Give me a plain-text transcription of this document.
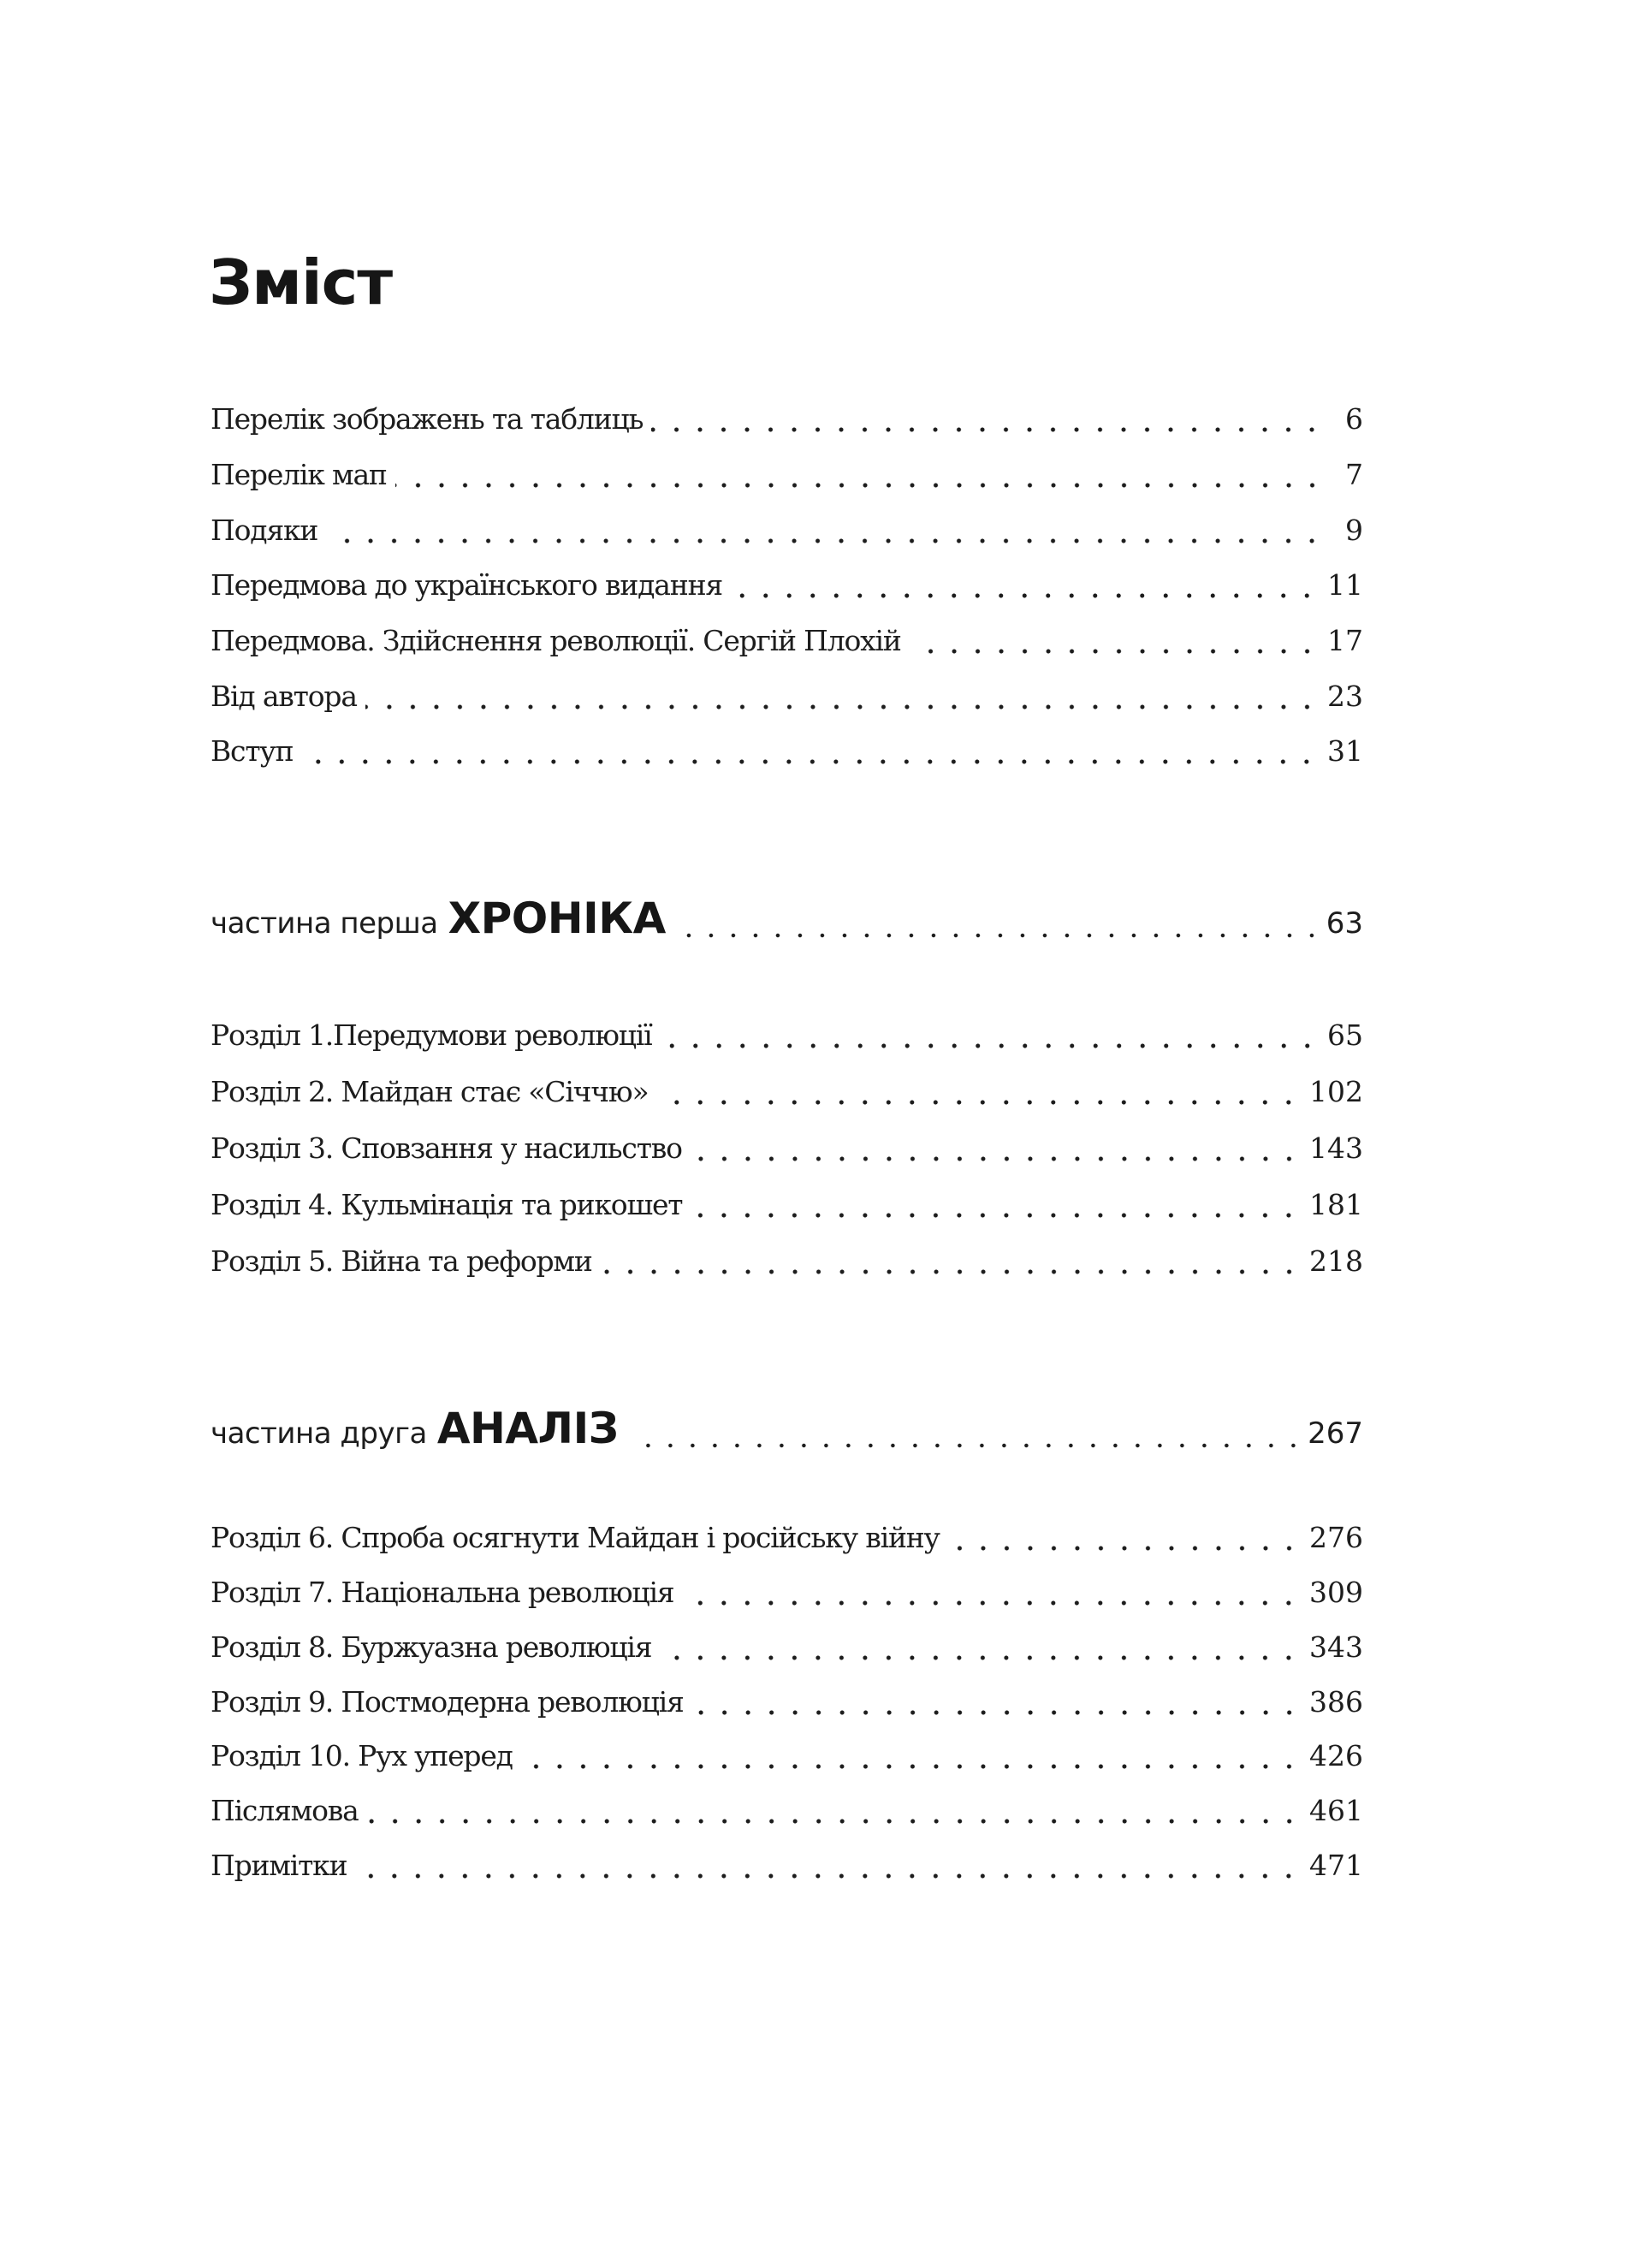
Зміст
Перелік зображень та таблиць	6
Перелік мап	7
Подяки	9
Передмова до українського видання	11
Передмова. Здійснення революції. Сергій Плохій	17
Від автора	23
Вступ	31
частина перша ХРОНІКА	63
Розділ 1.Передумови революції	65
Розділ 2. Майдан стає «Січчю»	102
Розділ 3. Сповзання у насильство	143
Розділ 4. Кульмінація та рикошет	181
Розділ 5. Війна та реформи	218
частина друга АНАЛІЗ	267
Розділ 6. Спроба осягнути Майдан і російську війну	276
Розділ 7. Національна революція	309
Розділ 8. Буржуазна революція	343
Розділ 9. Постмодерна революція	386
Розділ 10. Рух уперед	426
Післямова	461
Примітки	471
